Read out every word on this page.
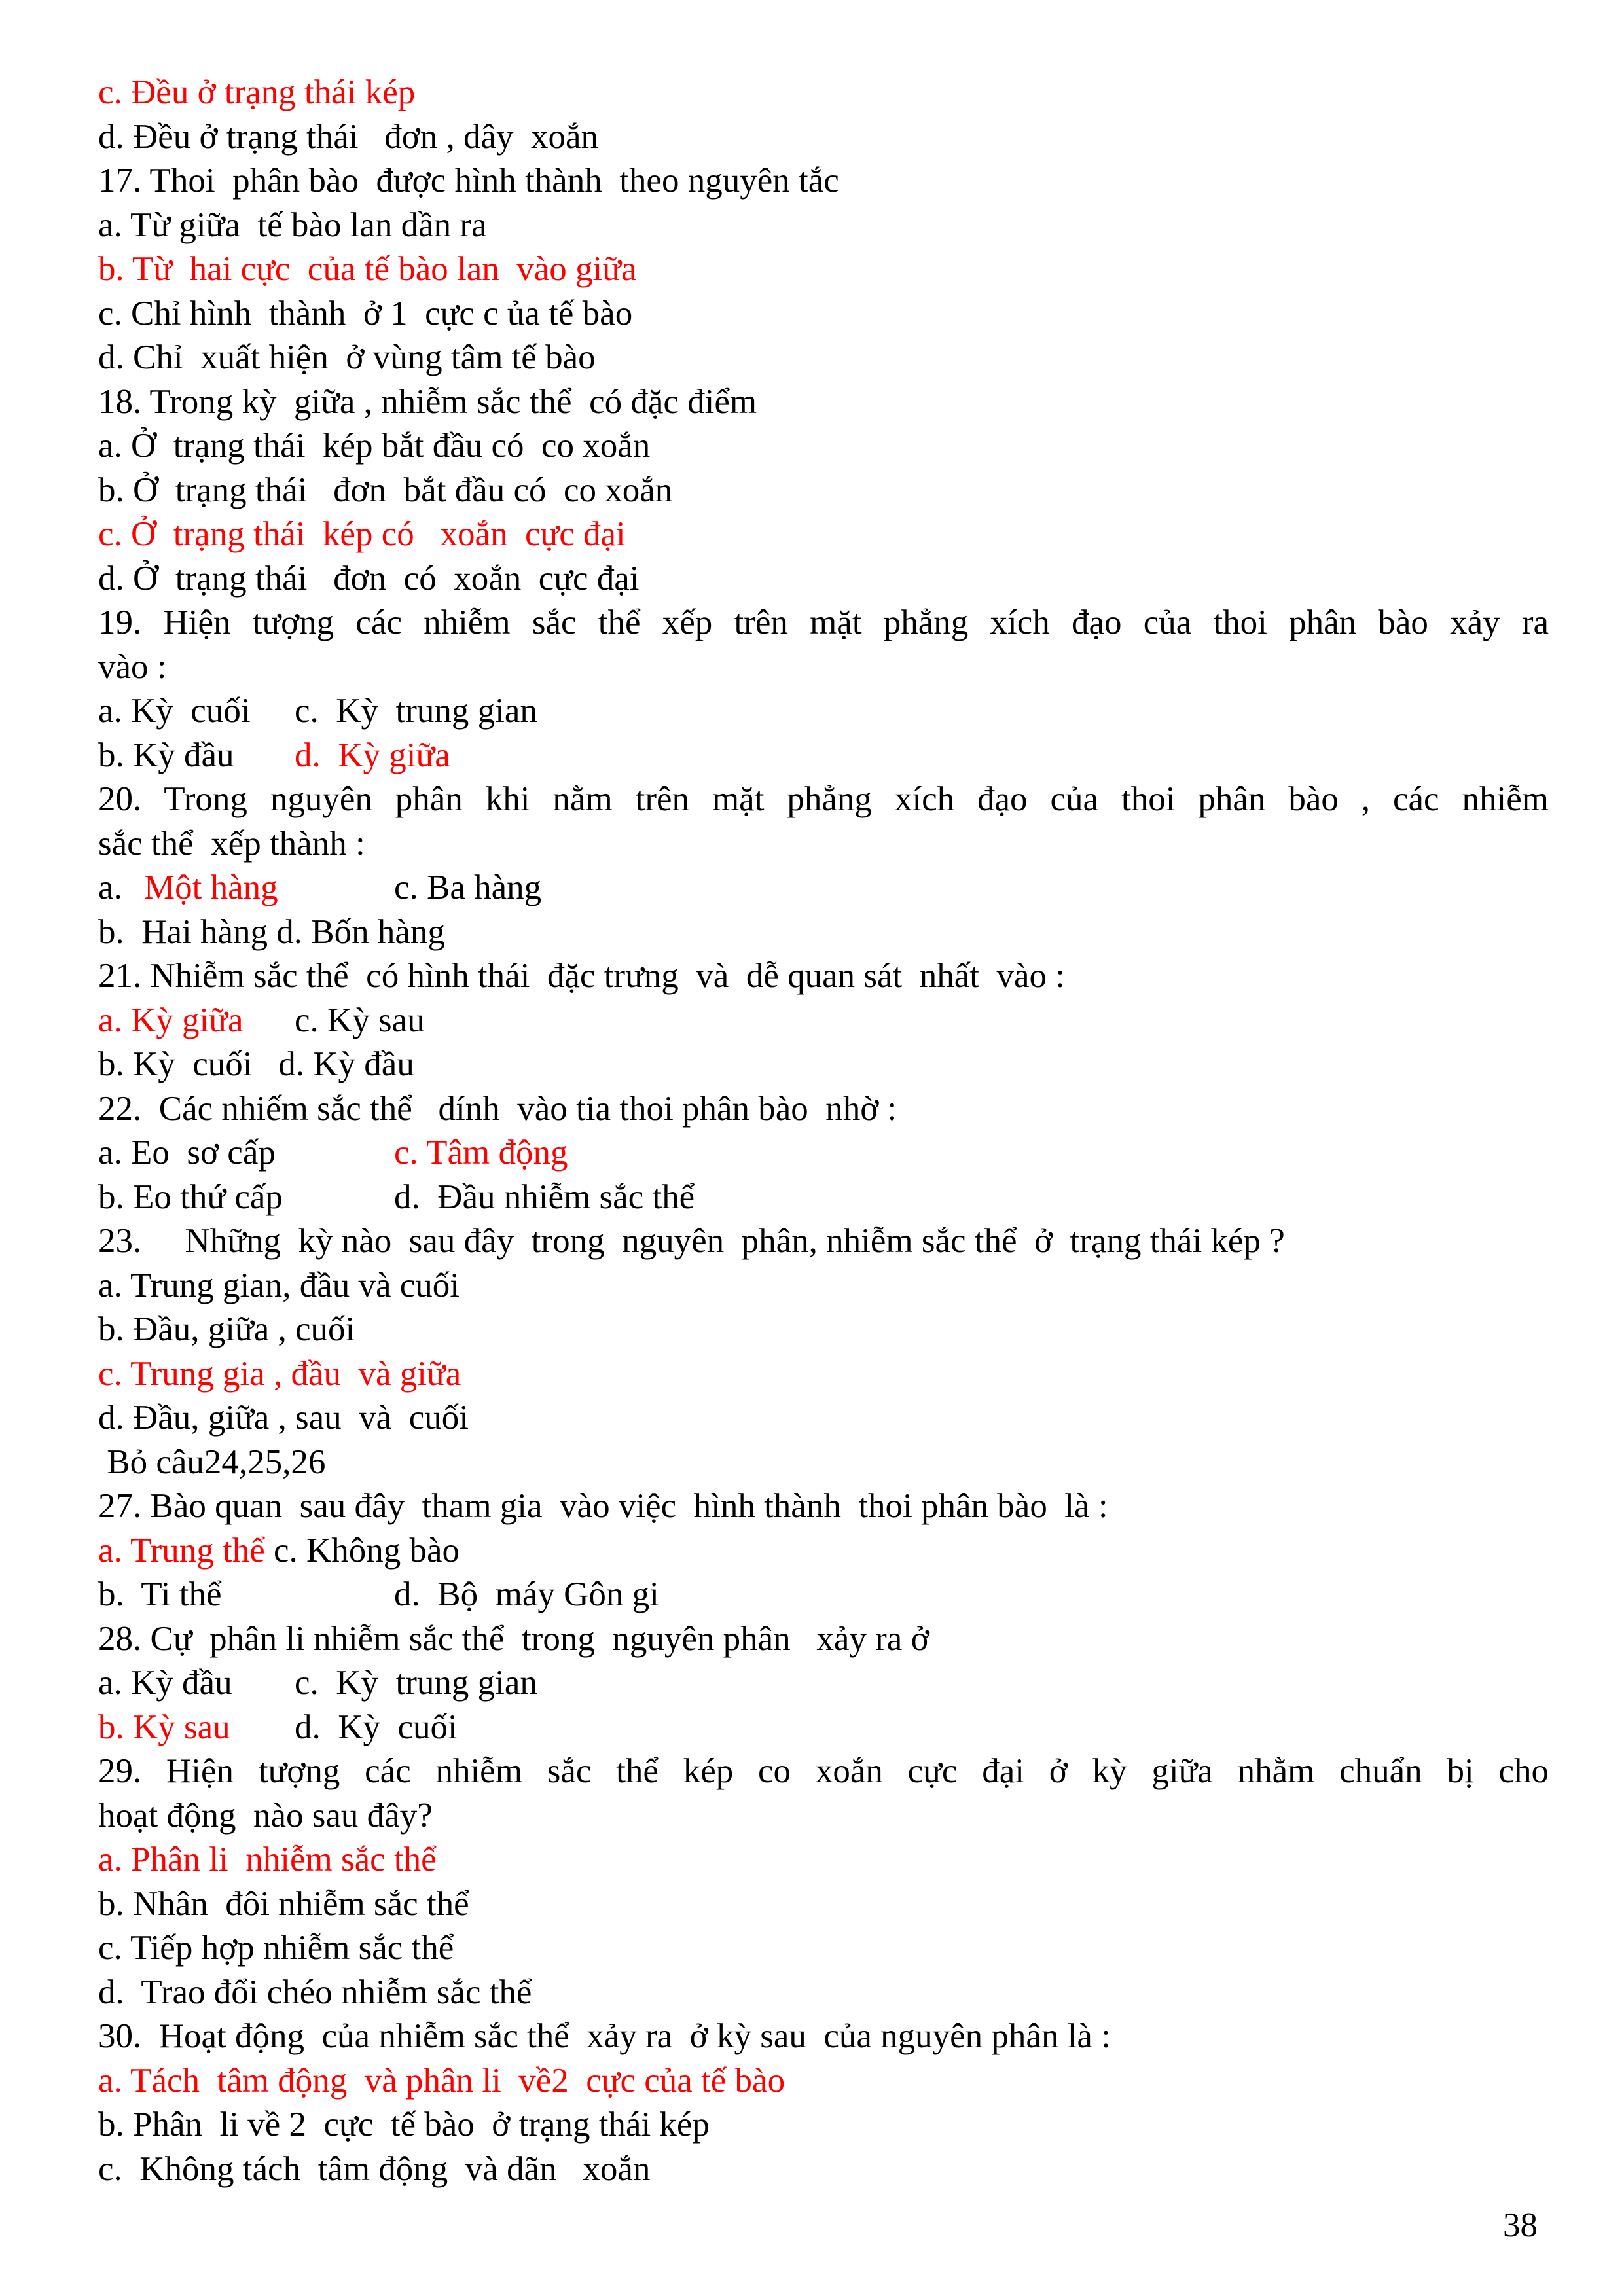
c. Đều ở trạng thái kép
d. Đều ở trạng thái   đơn , dây  xoắn
17. Thoi  phân bào  được hình thành  theo nguyên tắc
a. Từ giữa  tế bào lan dần ra
b. Từ  hai cực  của tế bào lan  vào giữa
c. Chỉ hình  thành  ở 1  cực c ủa tế bào
d. Chỉ  xuất hiện  ở vùng tâm tế bào
18. Trong kỳ  giữa , nhiễm sắc thể  có đặc điểm
a. Ở  trạng thái  kép bắt đầu có  co xoắn
b. Ở  trạng thái   đơn  bắt đầu có  co xoắn
c. Ở  trạng thái  kép có   xoắn  cực đại
d. Ở  trạng thái   đơn  có  xoắn  cực đại
19. Hiện tượng các nhiễm sắc thể xếp trên mặt phẳng xích đạo của thoi phân bào xảy ra
vào :
a. Kỳ  cuối	c.  Kỳ  trung gian
b. Kỳ đầu	d.  Kỳ giữa
20. Trong nguyên phân khi nằm trên mặt phẳng xích đạo của thoi phân bào , các nhiễm
sắc thể  xếp thành :
a. Một hàng	c. Ba hàng
b.  Hai hàng d. Bốn hàng
21. Nhiễm sắc thể  có hình thái  đặc trưng  và  dễ quan sát  nhất  vào :
a. Kỳ giữa	c. Kỳ sau
b. Kỳ  cuối   d. Kỳ đầu
22.  Các nhiếm sắc thể   dính  vào tia thoi phân bào  nhờ :
a. Eo  sơ cấp	c. Tâm động
b. Eo thứ cấp	d.  Đầu nhiễm sắc thể
23.     Những  kỳ nào  sau đây  trong  nguyên  phân, nhiễm sắc thể  ở  trạng thái kép ?
a. Trung gian, đầu và cuối
b. Đầu, giữa , cuối
c. Trung gia , đầu  và giữa
d. Đầu, giữa , sau  và  cuối
Bỏ câu24,25,26
27. Bào quan  sau đây  tham gia  vào việc  hình thành  thoi phân bào  là :
a. Trung thể c. Không bào
b.  Ti thể	d.  Bộ  máy Gôn gi
28. Cự  phân li nhiễm sắc thể  trong  nguyên phân   xảy ra ở
a. Kỳ đầu	c.  Kỳ  trung gian
b. Kỳ sau	d.  Kỳ  cuối
29. Hiện tượng các nhiễm sắc thể kép co xoắn cực đại ở kỳ giữa nhằm chuẩn bị cho
hoạt động  nào sau đây?
a. Phân li  nhiễm sắc thể
b. Nhân  đôi nhiễm sắc thể
c. Tiếp hợp nhiễm sắc thể
d.  Trao đổi chéo nhiễm sắc thể
30.  Hoạt động  của nhiễm sắc thể  xảy ra  ở kỳ sau  của nguyên phân là :
a. Tách  tâm động  và phân li  về2  cực của tế bào
b. Phân  li về 2  cực  tế bào  ở trạng thái kép
c.  Không tách  tâm động  và dãn   xoắn
38
